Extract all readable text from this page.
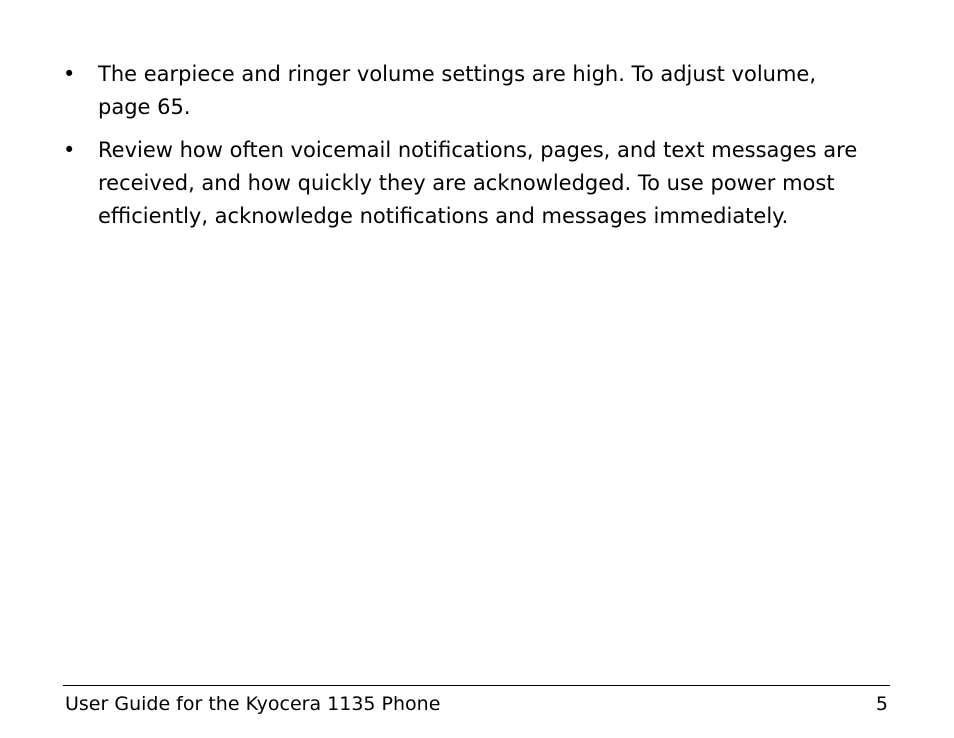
• The earpiece and ringer volume settings are high. To adjust volume, page 65.
• Review how often voicemail notifications, pages, and text messages are received, and how quickly they are acknowledged. To use power most efficiently, acknowledge notifications and messages immediately.
User Guide for the Kyocera 1135 Phone	5
